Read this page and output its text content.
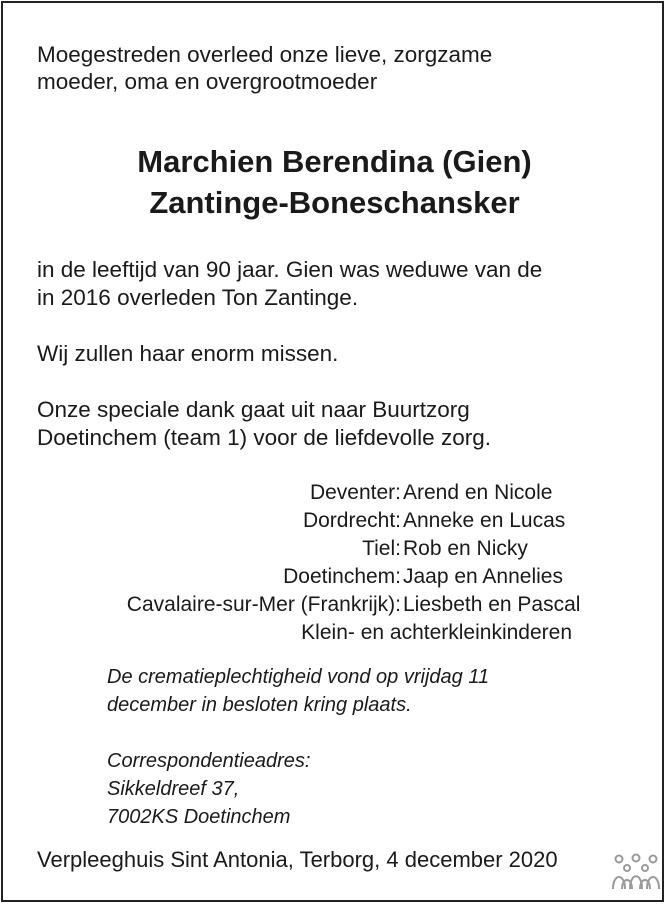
Moegestreden overleed onze lieve, zorgzame
moeder, oma en overgrootmoeder
Marchien Berendina (Gien)
Zantinge-Boneschansker
in de leeftijd van 90 jaar. Gien was weduwe van de
in 2016 overleden Ton Zantinge.
Wij zullen haar enorm missen.
Onze speciale dank gaat uit naar Buurtzorg
Doetinchem (team 1) voor de liefdevolle zorg.
Deventer: Arend en Nicole
Dordrecht: Anneke en Lucas
Tiel: Rob en Nicky
Doetinchem: Jaap en Annelies
Cavalaire-sur-Mer (Frankrijk): Liesbeth en Pascal
Klein- en achterkleinkinderen
De crematieplechtigheid vond op vrijdag 11
december in besloten kring plaats.
Correspondentieadres:
Sikkeldreef 37,
7002KS Doetinchem
Verpleeghuis Sint Antonia, Terborg, 4 december 2020
